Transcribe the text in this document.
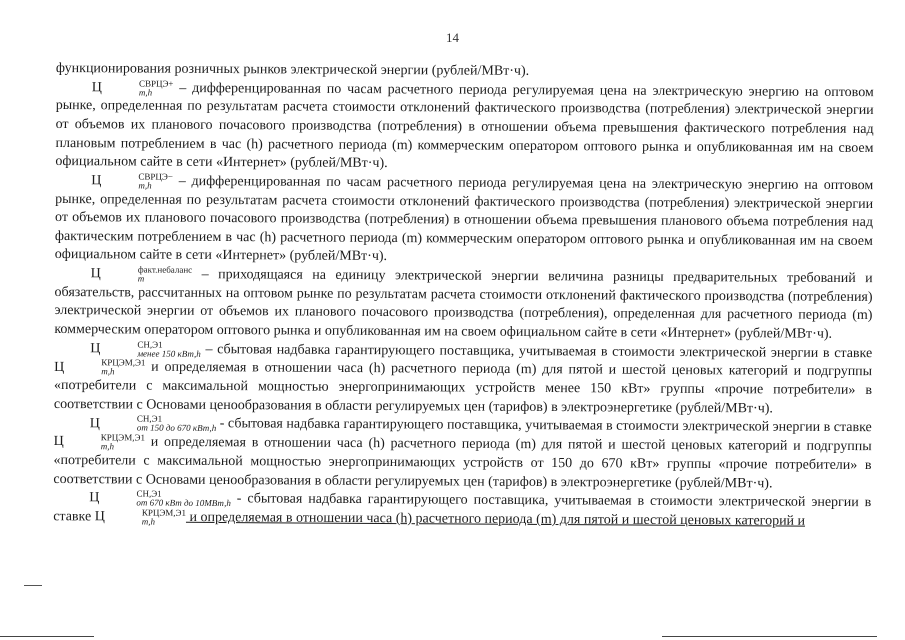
14

функционирования розничных рынков электрической энергии (рублей/МВт·ч).

Ц	СВРЦЭ+
m,h	– дифференцированная по часам расчетного периода регулируемая цена на электрическую энергию на оптовом рынке, определенная по результатам расчета стоимости отклонений фактического производства (потребления) электрической энергии от объемов их планового почасового производства (потребления) в отношении объема превышения фактического потребления над плановым потреблением в час (h) расчетного периода (m) коммерческим оператором оптового рынка и опубликованная им на своем официальном сайте в сети «Интернет» (рублей/МВт·ч).

Ц	СВРЦЭ−
m,h	– дифференцированная по часам расчетного периода регулируемая цена на электрическую энергию на оптовом рынке, определенная по результатам расчета стоимости отклонений фактического производства (потребления) электрической энергии от объемов их планового почасового производства (потребления) в отношении объема превышения планового объема потребления над фактическим потреблением в час (h) расчетного периода (m) коммерческим оператором оптового рынка и опубликованная им на своем официальном сайте в сети «Интернет» (рублей/МВт·ч).

Ц	факт.небаланс
m	– приходящаяся на единицу электрической энергии величина разницы предварительных требований и обязательств, рассчитанных на оптовом рынке по результатам расчета стоимости отклонений фактического производства (потребления) электрической энергии от объемов их планового почасового производства (потребления), определенная для расчетного периода (m) коммерческим оператором оптового рынка и опубликованная им на своем официальном сайте в сети «Интернет» (рублей/МВт·ч).

Ц	СН,Э1
менее 150 кВт,h – сбытовая надбавка гарантирующего поставщика, учитываемая в стоимости электрической энергии в ставке Ц	КРЦЭМ,Э1
m,h	и определяемая в отношении часа (h) расчетного периода (m) для пятой и шестой ценовых категорий и подгруппы «потребители с максимальной мощностью энергопринимающих устройств менее 150 кВт» группы «прочие потребители» в соответствии с Основами ценообразования в области регулируемых цен (тарифов) в электроэнергетике (рублей/МВт·ч).

Ц	СН,Э1
от 150 до 670 кВт,h - сбытовая надбавка гарантирующего поставщика, учитываемая в стоимости электрической энергии в ставке Ц	КРЦЭМ,Э1
m,h	и определяемая в отношении часа (h) расчетного периода (m) для пятой и шестой ценовых категорий и подгруппы «потребители с максимальной мощностью энергопринимающих устройств от 150 до 670 кВт» группы «прочие потребители» в соответствии с Основами ценообразования в области регулируемых цен (тарифов) в электроэнергетике (рублей/МВт·ч).

Ц	СН,Э1
от 670 кВт до 10МВт,h - сбытовая надбавка гарантирующего поставщика, учитываемая в стоимости электрической энергии в ставке Ц	КРЦЭМ,Э1
m,h	и определяемая в отношении часа (h) расчетного периода (m) для пятой и шестой ценовых категорий и
